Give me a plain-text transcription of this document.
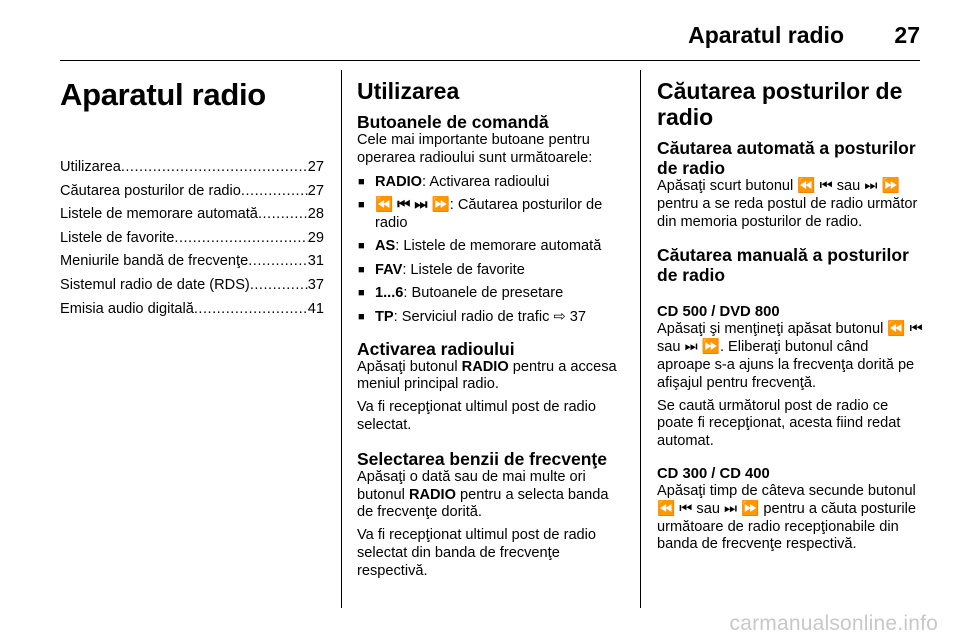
Aparatul radio 27
Aparatul radio
Utilizarea .....	27
Căutarea posturilor de radio .....	27
Listele de memorare automată .....	28
Listele de favorite .....	29
Meniurile bandă de frecvenţe .....	31
Sistemul radio de date (RDS) .....	37
Emisia audio digitală .....	41
Utilizarea
Butoanele de comandă

Cele mai importante butoane pentru operarea radioului sunt următoarele:

■ RADIO: Activarea radioului
■ ⏪ ⏮ ⏭ ⏩: Căutarea posturilor de radio
■ AS: Listele de memorare automată
■ FAV: Listele de favorite
■ 1...6: Butoanele de presetare
■ TP: Serviciul radio de trafic ⇨ 37
Activarea radioului

Apăsaţi butonul RADIO pentru a accesa meniul principal radio.

Va fi recepţionat ultimul post de radio selectat.

Selectarea benzii de frecvenţe

Apăsaţi o dată sau de mai multe ori butonul RADIO pentru a selecta banda de frecvenţe dorită.

Va fi recepţionat ultimul post de radio selectat din banda de frecvenţe respectivă.

Căutarea posturilor de radio
Căutarea automată a posturilor de radio

Apăsaţi scurt butonul ⏪ ⏮ sau ⏭ ⏩ pentru a se reda postul de radio următor din memoria posturilor de radio.

Căutarea manuală a posturilor de radio
CD 500 / DVD 800

Apăsaţi şi menţineţi apăsat butonul ⏪ ⏮ sau ⏭ ⏩. Eliberaţi butonul când aproape s-a ajuns la frecvenţa dorită pe afişajul pentru frecvenţă.

Se caută următorul post de radio ce poate fi recepţionat, acesta fiind redat automat.

CD 300 / CD 400

Apăsaţi timp de câteva secunde butonul ⏪ ⏮ sau ⏭ ⏩ pentru a căuta posturile următoare de radio recepţionabile din banda de frecvenţe respectivă.

carmanualsonline.info
